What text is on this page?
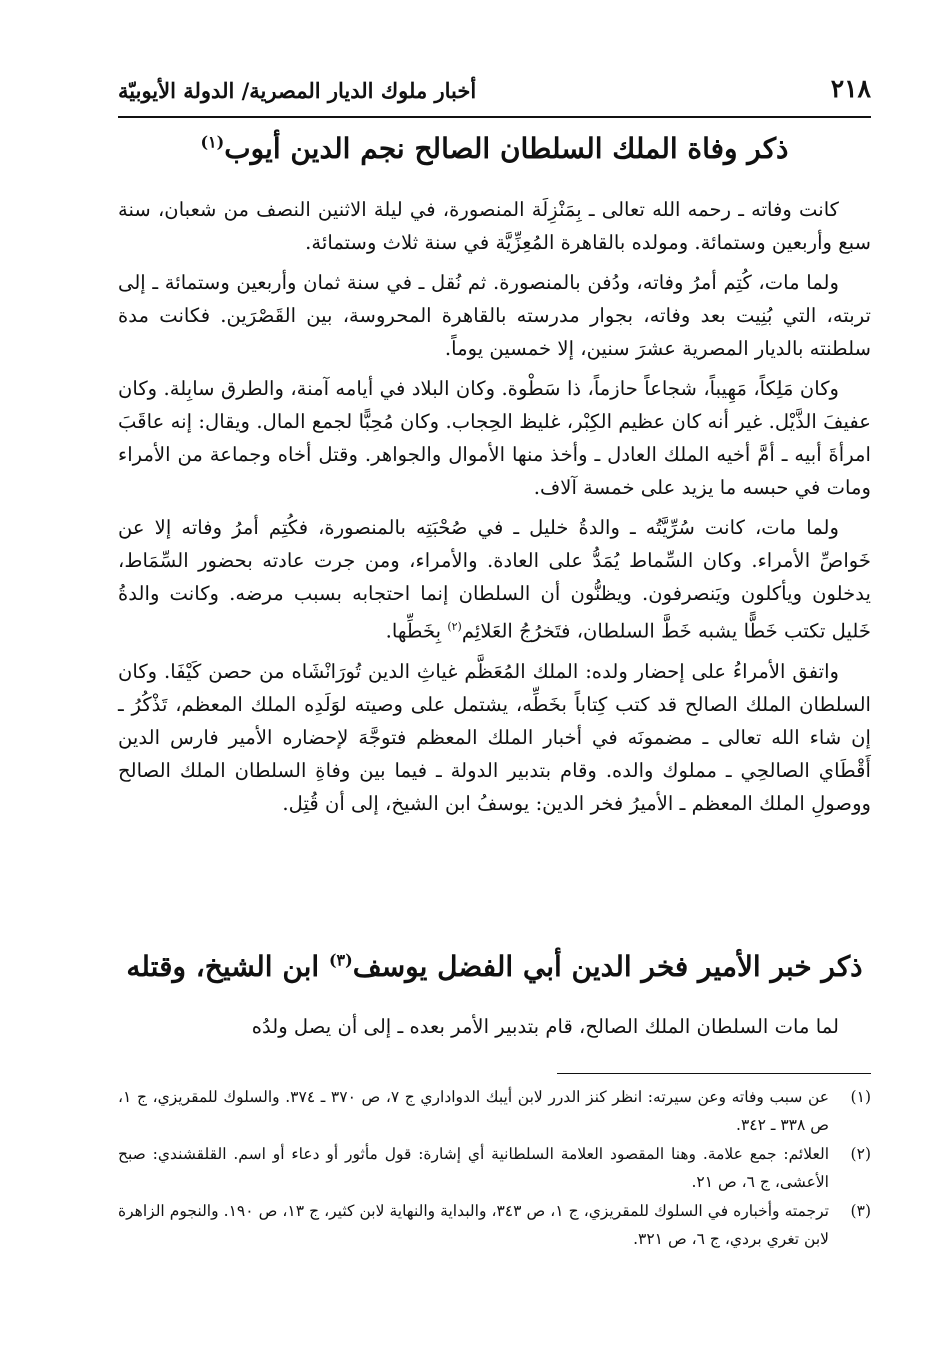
٢١٨
أخبار ملوك الديار المصرية/ الدولة الأيوبيّة
ذكر وفاة الملك السلطان الصالح نجم الدين أيوب$^{(١)}$

كانت وفاته ـ رحمه الله تعالى ـ بِمَنْزِلَة المنصورة، في ليلة الاثنين النصف من شعبان، سنة سبع وأربعين وستمائة. ومولده بالقاهرة المُعِزِّيَّة في سنة ثلاث وستمائة.

ولما مات، كُتِم أمرُ وفاته، ودُفن بالمنصورة. ثم نُقل ـ في سنة ثمان وأربعين وستمائة ـ إلى تربته، التي بُنِيت بعد وفاته، بجوار مدرسته بالقاهرة المحروسة، بين القَصْرَين. فكانت مدة سلطنته بالديار المصرية عشرَ سنين، إلا خمسين يوماً.

وكان مَلِكاً، مَهِيباً، شجاعاً حازماً، ذا سَطْوة. وكان البلاد في أيامه آمنة، والطرق سابِلة. وكان عفيفَ الذَّيْل. غير أنه كان عظيم الكِبْر، غليظ الحِجاب. وكان مُحِبًّا لجمع المال. ويقال: إنه عاقَبَ امرأةَ أبيه ـ أمَّ أخيه الملك العادل ـ وأخذ منها الأموال والجواهر. وقتل أخاه وجماعة من الأمراء ومات في حبسه ما يزيد على خمسة آلاف.

ولما مات، كانت سُرِّيَّتُه ـ والدةُ خليل ـ في صُحْبَتِه بالمنصورة، فكُتِم أمرُ وفاته إلا عن خَواصِّ الأمراء. وكان السِّماط يُمَدُّ على العادة. والأمراء، ومن جرت عادته بحضور السِّمَاط، يدخلون ويأكلون ويَنصرفون. ويظنُّون أن السلطان إنما احتجابه بسبب مرضه. وكانت والدةُ خَليل تكتب خَطًّا يشبه خَطَّ السلطان، فتَخرُجُ العَلائِم$^{(٢)}$ بِخَطِّها.

واتفق الأمراءُ على إحضار ولده: الملك المُعَظَّم غياثِ الدين تُورَانْشَاه من حصن كَيْفَا. وكان السلطان الملك الصالح قد كتب كِتاباً بخَطِّه، يشتمل على وصيته لوَلَدِه الملك المعظم، تَذْكُرُ ـ إن شاء الله تعالى ـ مضمونَه في أخبار الملك المعظم فتوجَّهَ لإحضاره الأمير فارس الدين أَقْطَاي الصالحِي ـ مملوك والده. وقام بتدبير الدولة ـ فيما بين وفاةِ السلطان الملك الصالح ووصولِ الملك المعظم ـ الأميرُ فخر الدين: يوسفُ ابن الشيخ، إلى أن قُتِل.

ذكر خبر الأمير فخر الدين أبي الفضل يوسف$^{(٣)}$ ابن الشيخ، وقتله

لما مات السلطان الملك الصالح، قام بتدبير الأمر بعده ـ إلى أن يصل ولدُه

(١)
عن سبب وفاته وعن سيرته: انظر كنز الدرر لابن أيبك الدواداري ج ٧، ص ٣٧٠ ـ ٣٧٤. والسلوك للمقريزي، ج ١، ص ٣٣٨ ـ ٣٤٢.
(٢)
العلائم: جمع علامة. وهنا المقصود العلامة السلطانية أي إشارة: قول مأثور أو دعاء أو اسم. القلقشندي: صبح الأعشى، ج ٦، ص ٢١.
(٣)
ترجمته وأخباره في السلوك للمقريزي، ج ١، ص ٣٤٣، والبداية والنهاية لابن كثير، ج ١٣، ص ١٩٠. والنجوم الزاهرة لابن تغري بردي، ج ٦، ص ٣٢١.
